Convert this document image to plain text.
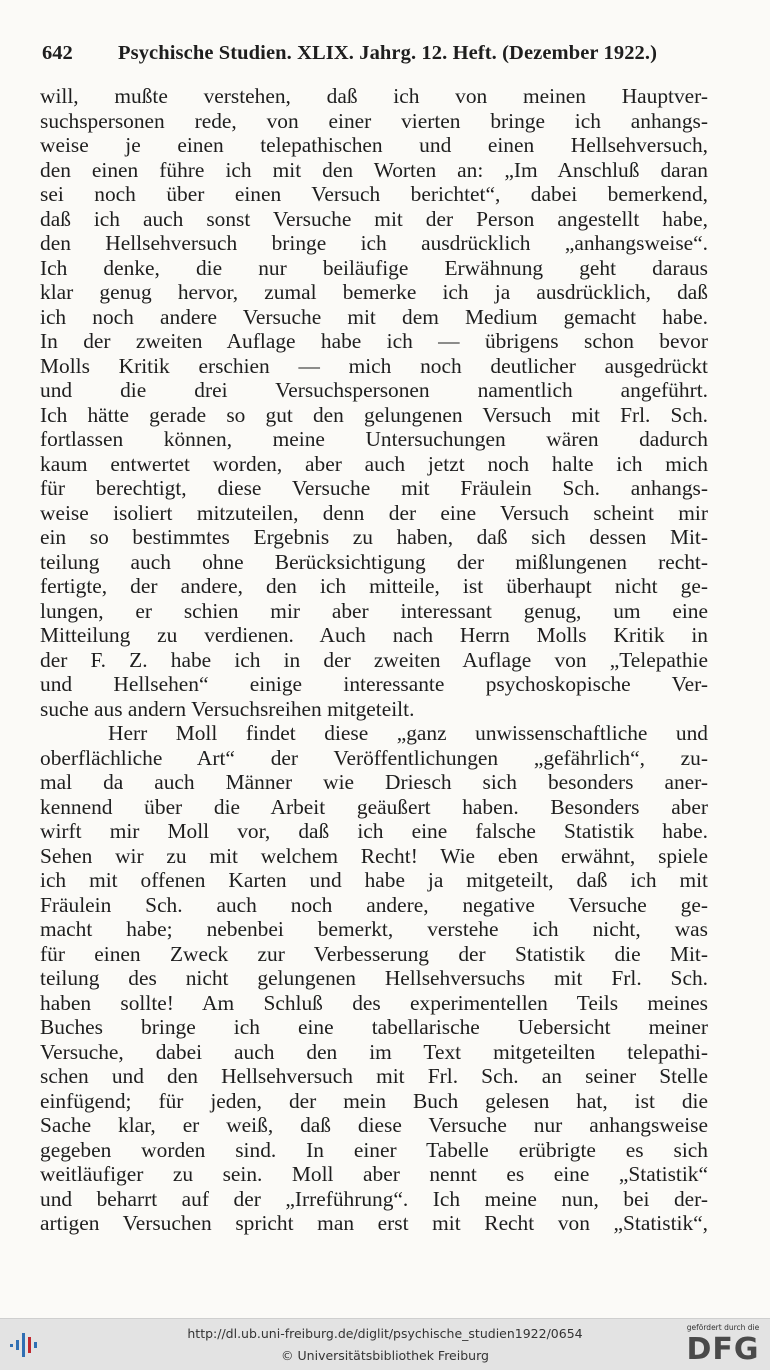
642 Psychische Studien. XLIX. Jahrg. 12. Heft. (Dezember 1922.)
will, mußte verstehen, daß ich von meinen Hauptver-
suchspersonen rede, von einer vierten bringe ich anhangs-
weise je einen telepathischen und einen Hellsehversuch,
den einen führe ich mit den Worten an: „Im Anschluß daran
sei noch über einen Versuch berichtet“, dabei bemerkend,
daß ich auch sonst Versuche mit der Person angestellt habe,
den Hellsehversuch bringe ich ausdrücklich „anhangsweise“.
Ich denke, die nur beiläufige Erwähnung geht daraus
klar genug hervor, zumal bemerke ich ja ausdrücklich, daß
ich noch andere Versuche mit dem Medium gemacht habe.
In der zweiten Auflage habe ich — übrigens schon bevor
Molls Kritik erschien — mich noch deutlicher ausgedrückt
und die drei Versuchspersonen namentlich angeführt.
Ich hätte gerade so gut den gelungenen Versuch mit Frl. Sch.
fortlassen können, meine Untersuchungen wären dadurch
kaum entwertet worden, aber auch jetzt noch halte ich mich
für berechtigt, diese Versuche mit Fräulein Sch. anhangs-
weise isoliert mitzuteilen, denn der eine Versuch scheint mir
ein so bestimmtes Ergebnis zu haben, daß sich dessen Mit-
teilung auch ohne Berücksichtigung der mißlungenen recht-
fertigte, der andere, den ich mitteile, ist überhaupt nicht ge-
lungen, er schien mir aber interessant genug, um eine
Mitteilung zu verdienen. Auch nach Herrn Molls Kritik in
der F. Z. habe ich in der zweiten Auflage von „Telepathie
und Hellsehen“ einige interessante psychoskopische Ver-
suche aus andern Versuchsreihen mitgeteilt.
Herr Moll findet diese „ganz unwissenschaftliche und
oberflächliche Art“ der Veröffentlichungen „gefährlich“, zu-
mal da auch Männer wie Driesch sich besonders aner-
kennend über die Arbeit geäußert haben. Besonders aber
wirft mir Moll vor, daß ich eine falsche Statistik habe.
Sehen wir zu mit welchem Recht! Wie eben erwähnt, spiele
ich mit offenen Karten und habe ja mitgeteilt, daß ich mit
Fräulein Sch. auch noch andere, negative Versuche ge-
macht habe; nebenbei bemerkt, verstehe ich nicht, was
für einen Zweck zur Verbesserung der Statistik die Mit-
teilung des nicht gelungenen Hellsehversuchs mit Frl. Sch.
haben sollte! Am Schluß des experimentellen Teils meines
Buches bringe ich eine tabellarische Uebersicht meiner
Versuche, dabei auch den im Text mitgeteilten telepathi-
schen und den Hellsehversuch mit Frl. Sch. an seiner Stelle
einfügend; für jeden, der mein Buch gelesen hat, ist die
Sache klar, er weiß, daß diese Versuche nur anhangsweise
gegeben worden sind. In einer Tabelle erübrigte es sich
weitläufiger zu sein. Moll aber nennt es eine „Statistik“
und beharrt auf der „Irreführung“. Ich meine nun, bei der-
artigen Versuchen spricht man erst mit Recht von „Statistik“,
http://dl.ub.uni-freiburg.de/diglit/psychische_studien1922/0654
© Universitätsbibliothek Freiburg
gefördert durch die
DFG
